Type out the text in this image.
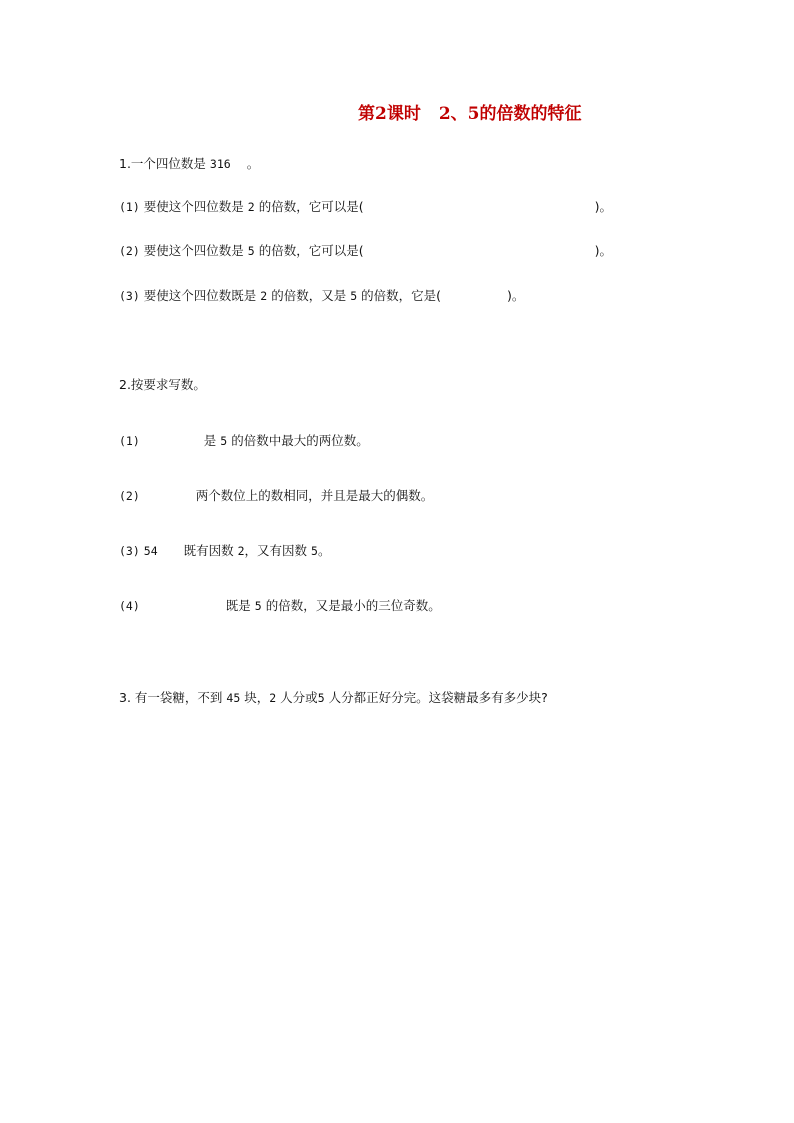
第2课时 2、5的倍数的特征
1.一个四位数是 316 。
(1) 要使这个四位数是 2 的倍数，它可以是(	)。
(2) 要使这个四位数是 5 的倍数，它可以是(	)。
(3) 要使这个四位数既是 2 的倍数，又是 5 的倍数，它是(	)。
2.按要求写数。
(1)	是 5 的倍数中最大的两位数。
(2)	两个数位上的数相同，并且是最大的偶数。
(3) 54 既有因数 2，又有因数 5。
(4)	既是 5 的倍数，又是最小的三位奇数。
3. 有一袋糖，不到 45 块，2 人分或5 人分都正好分完。这袋糖最多有多少块?
